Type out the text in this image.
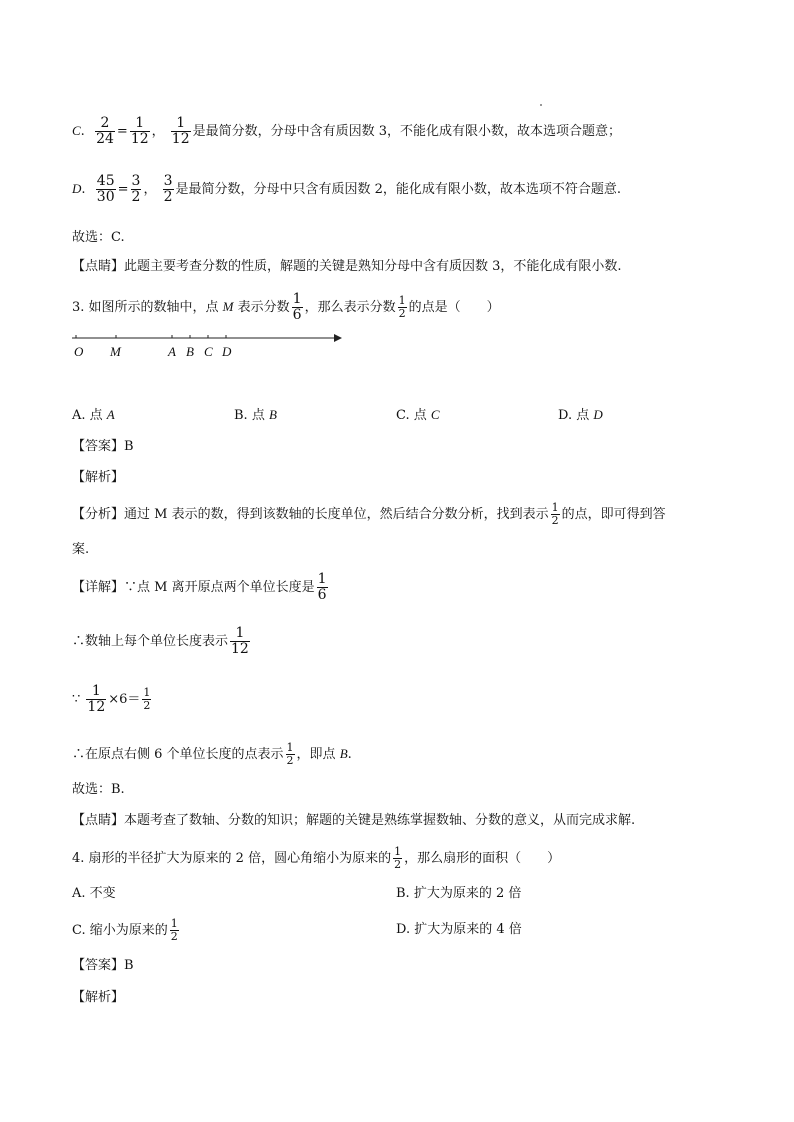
C. $\frac{2}{24} = \frac{1}{12}$ ， $\frac{1}{12}$ 是最简分数，分母中含有质因数 3，不能化成有限小数，故本选项合题意；
D. $\frac{45}{30} = \frac{3}{2}$ ， $\frac{3}{2}$ 是最简分数，分母中只含有质因数 2，能化成有限小数，故本选项不符合题意.
故选：C.
【点睛】此题主要考查分数的性质，解题的关键是熟知分母中含有质因数 3，不能化成有限小数.
3. 如图所示的数轴中，点 M 表示分数 $\frac{1}{6}$ ，那么表示分数 $\frac{1}{2}$ 的点是（　　）
O M	A B C D
A. 点 A	B. 点 B	C. 点 C	D. 点 D
【答案】B
【解析】
【分析】通过 M 表示的数，得到该数轴的长度单位，然后结合分数分析，找到表示 $\frac{1}{2}$ 的点，即可得到答
案.
【详解】∵点 M 离开原点两个单位长度是 $\frac{1}{6}$
∴数轴上每个单位长度表示 $\frac{1}{12}$
∵ $\frac{1}{12} \times 6= \frac{1}{2}$
∴在原点右侧 6 个单位长度的点表示 $\frac{1}{2}$ ，即点 B.
故选：B.
【点睛】本题考查了数轴、分数的知识；解题的关键是熟练掌握数轴、分数的意义，从而完成求解.
4. 扇形的半径扩大为原来的 2 倍，圆心角缩小为原来的 $\frac{1}{2}$ ，那么扇形的面积（　　）
A. 不变	B. 扩大为原来的 2 倍
C. 缩小为原来的 $\frac{1}{2}$	D. 扩大为原来的 4 倍
【答案】B
【解析】
